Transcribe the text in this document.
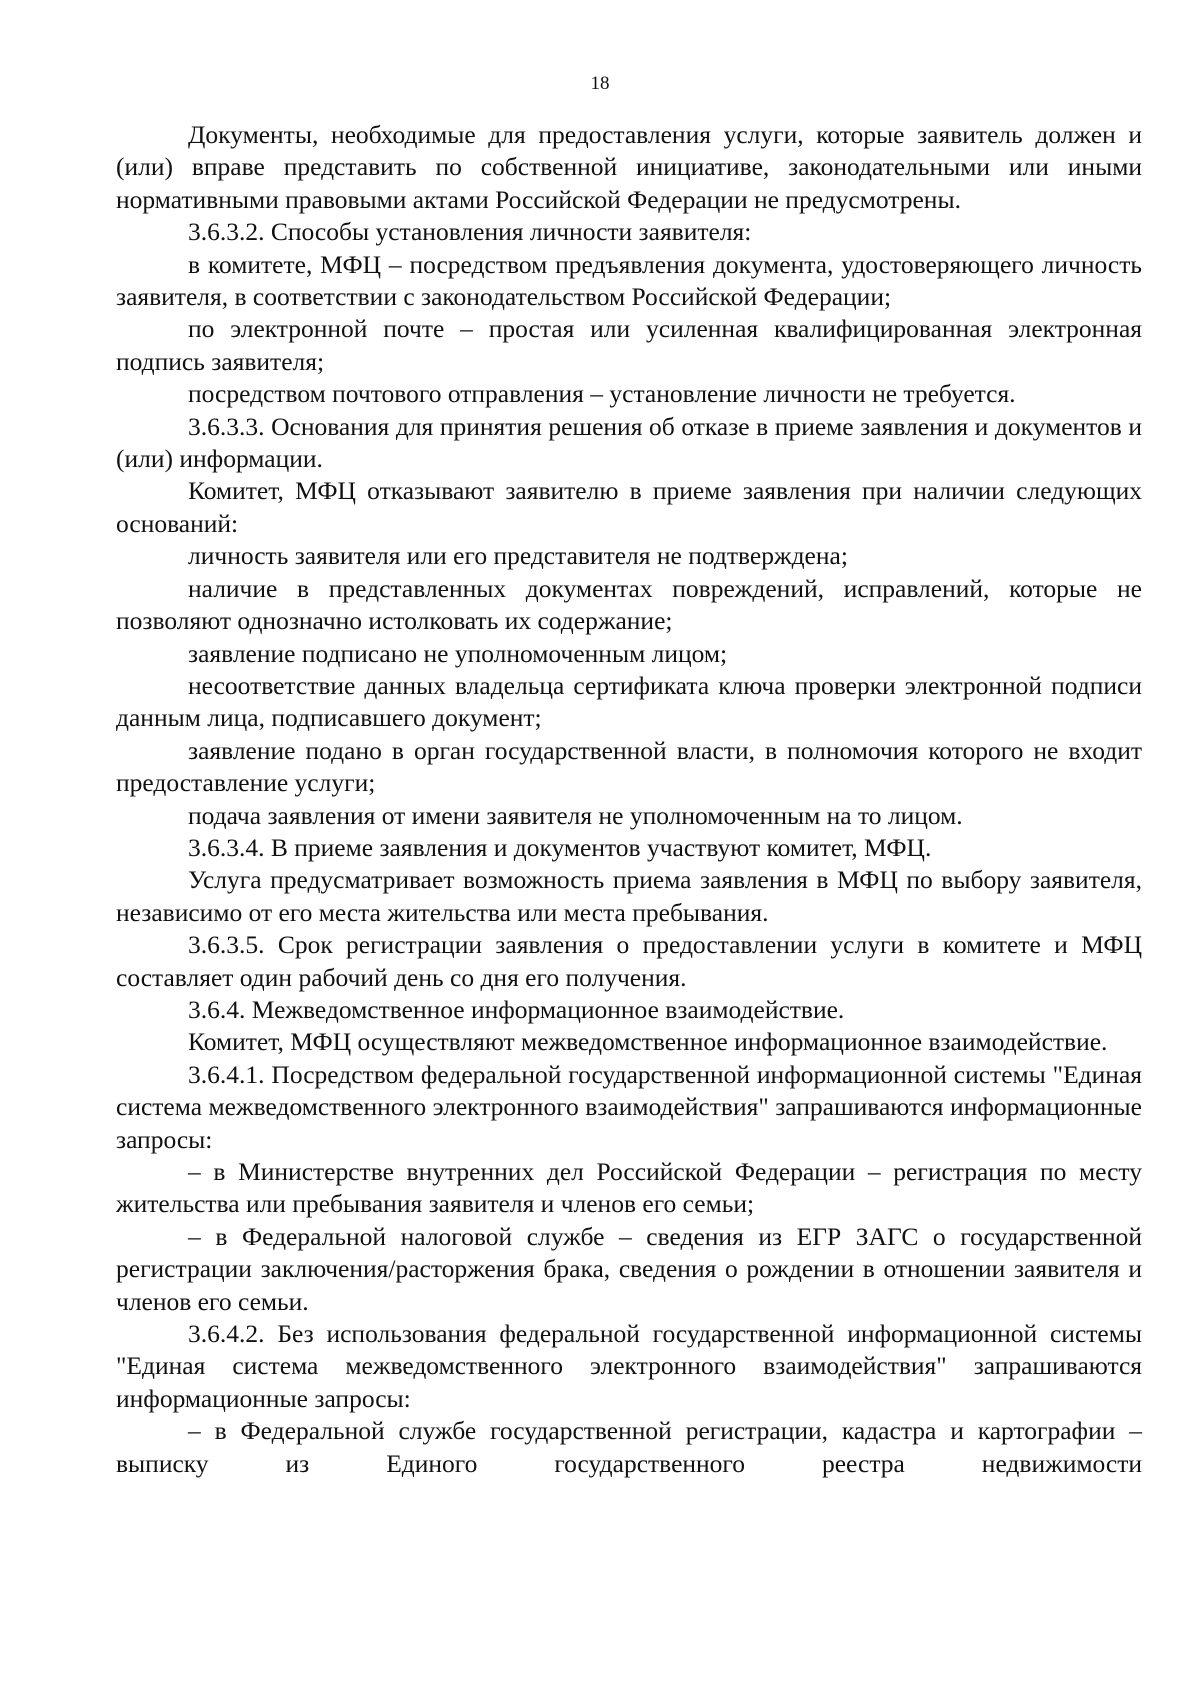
18

Документы, необходимые для предоставления услуги, которые заявитель должен и (или) вправе представить по собственной инициативе, законодательными или иными нормативными правовыми актами Российской Федерации не предусмотрены.

3.6.3.2. Способы установления личности заявителя:

в комитете, МФЦ – посредством предъявления документа, удостоверяющего личность заявителя, в соответствии с законодательством Российской Федерации;

по электронной почте – простая или усиленная квалифицированная электронная подпись заявителя;

посредством почтового отправления – установление личности не требуется.

3.6.3.3. Основания для принятия решения об отказе в приеме заявления и документов и (или) информации.

Комитет, МФЦ отказывают заявителю в приеме заявления при наличии следующих оснований:

личность заявителя или его представителя не подтверждена;

наличие в представленных документах повреждений, исправлений, которые не позволяют однозначно истолковать их содержание;

заявление подписано не уполномоченным лицом;

несоответствие данных владельца сертификата ключа проверки электронной подписи данным лица, подписавшего документ;

заявление подано в орган государственной власти, в полномочия которого не входит предоставление услуги;

подача заявления от имени заявителя не уполномоченным на то лицом.

3.6.3.4. В приеме заявления и документов участвуют комитет, МФЦ.

Услуга предусматривает возможность приема заявления в МФЦ по выбору заявителя, независимо от его места жительства или места пребывания.

3.6.3.5. Срок регистрации заявления о предоставлении услуги в комитете и МФЦ составляет один рабочий день со дня его получения.

3.6.4. Межведомственное информационное взаимодействие.

Комитет, МФЦ осуществляют межведомственное информационное взаимодействие.

3.6.4.1. Посредством федеральной государственной информационной системы "Единая система межведомственного электронного взаимодействия" запрашиваются информационные запросы:

– в Министерстве внутренних дел Российской Федерации – регистрация по месту жительства или пребывания заявителя и членов его семьи;

– в Федеральной налоговой службе – сведения из ЕГР ЗАГС о государственной регистрации заключения/расторжения брака, сведения о рождении в отношении заявителя и членов его семьи.

3.6.4.2. Без использования федеральной государственной информационной системы "Единая система межведомственного электронного взаимодействия" запрашиваются информационные запросы:

– в Федеральной службе государственной регистрации, кадастра и картографии – выписку из Единого государственного реестра недвижимости
